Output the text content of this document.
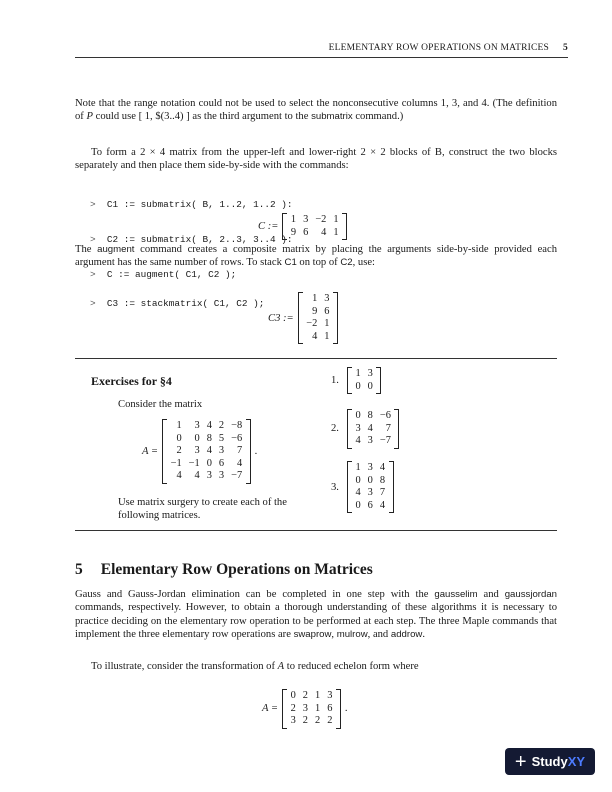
ELEMENTARY ROW OPERATIONS ON MATRICES 5

Note that the range notation could not be used to select the nonconsecutive columns 1, 3, and 4. (The definition of P could use [ 1, $(3..4) ] as the third argument to the submatrix command.)

To form a 2 × 4 matrix from the upper-left and lower-right 2 × 2 blocks of B, construct the two blocks separately and then place them side-by-side with the commands:

> C1 := submatrix( B, 1..2, 1..2 ):

> C2 := submatrix( B, 2..3, 3..4 ):

> C := augment( C1, C2 );

C :=
1	3	−2	1
9	6	4	1

The augment command creates a composite matrix by placing the arguments side-by-side provided each argument has the same number of rows. To stack C1 on top of C2, use:

> C3 := stackmatrix( C1, C2 );

C3 :=
1	3
9	6
−2	1
4	1
Exercises for §4
Consider the matrix
A =
1	3	4	2	−8
0	0	8	5	−6
2	3	4	3	7
−1	−1	0	6	4
4	4	3	3	−7
.

Use matrix surgery to create each of the following matrices.

1.
1	3
0	0
2.
0	8	−6
3	4	7
4	3	−7
3.
1	3	4
0	0	8
4	3	7
0	6	4
5 Elementary Row Operations on Matrices

Gauss and Gauss-Jordan elimination can be completed in one step with the gausselim and gaussjordan commands, respectively. However, to obtain a thorough understanding of these algorithms it is necessary to practice deciding on the elementary row operation to be performed at each step. The three Maple commands that implement the three elementary row operations are swaprow, mulrow, and addrow.

To illustrate, consider the transformation of A to reduced echelon form where

A =
0	2	1	3
2	3	1	6
3	2	2	2
.
+ StudyXY
